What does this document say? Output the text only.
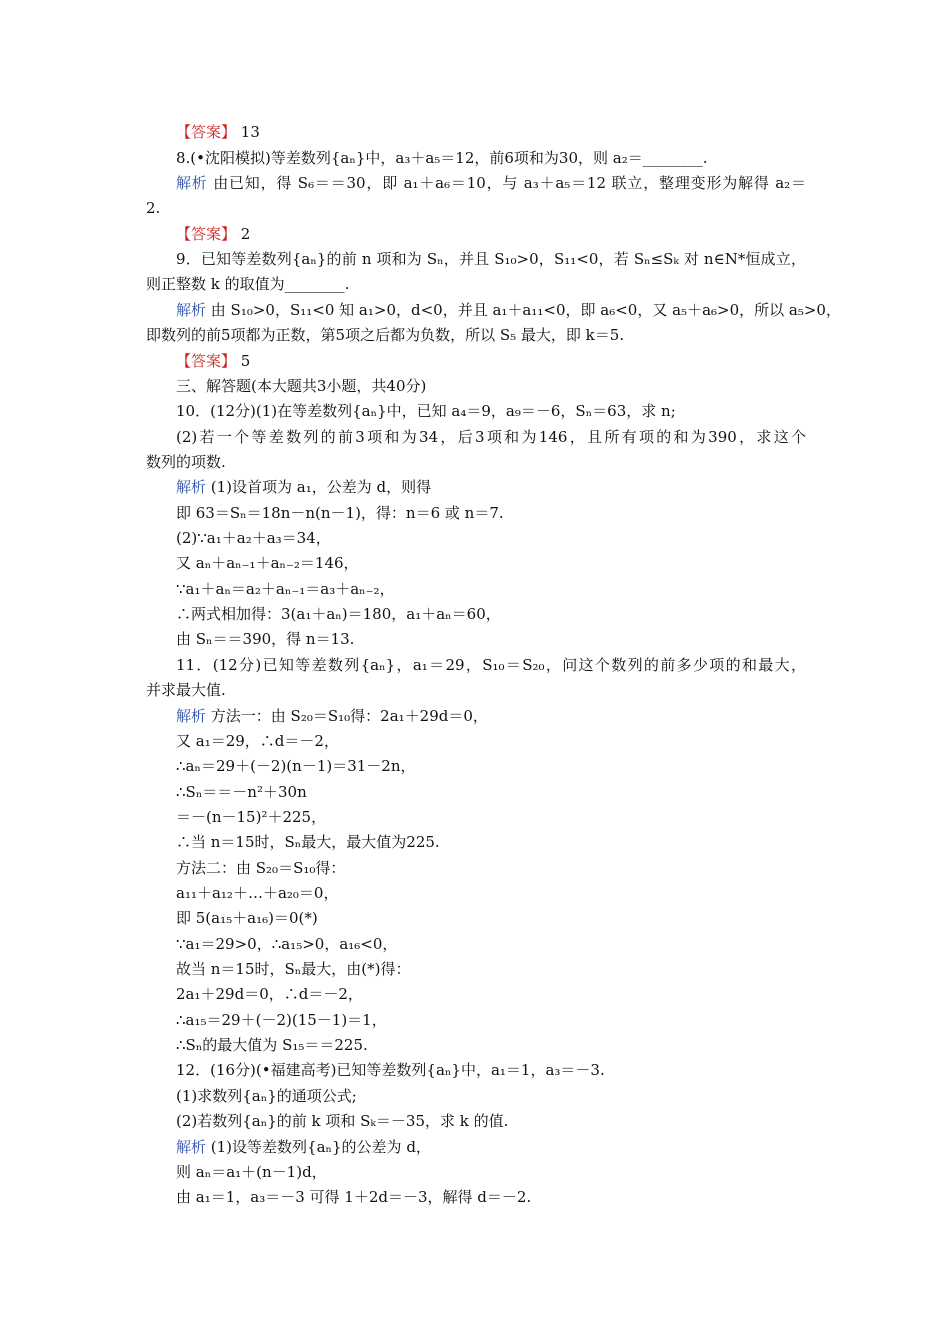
【答案】 13
8.(•沈阳模拟)等差数列{aₙ}中，a₃＋a₅＝12，前6项和为30，则 a₂＝________.
解析 由已知，得 S₆＝＝30，即 a₁＋a₆＝10，与 a₃＋a₅＝12 联立，整理变形为解得 a₂＝
2.
【答案】 2
9．已知等差数列{aₙ}的前 n 项和为 Sₙ，并且 S₁₀>0，S₁₁<0，若 Sₙ≤Sₖ 对 n∈N*恒成立，
则正整数 k 的取值为________.
解析 由 S₁₀>0，S₁₁<0 知 a₁>0，d<0，并且 a₁＋a₁₁<0，即 a₆<0，又 a₅＋a₆>0，所以 a₅>0，
即数列的前5项都为正数，第5项之后都为负数，所以 S₅ 最大，即 k＝5.
【答案】 5
三、解答题(本大题共3小题，共40分)
10．(12分)(1)在等差数列{aₙ}中，已知 a₄＝9，a₉＝－6，Sₙ＝63，求 n;
(2)若一个等差数列的前3项和为34，后3项和为146，且所有项的和为390，求这个
数列的项数.
解析 (1)设首项为 a₁，公差为 d，则得
即 63＝Sₙ＝18n－n(n－1)，得：n＝6 或 n＝7.
(2)∵a₁＋a₂＋a₃＝34，
又 aₙ＋aₙ₋₁＋aₙ₋₂＝146，
∵a₁＋aₙ＝a₂＋aₙ₋₁＝a₃＋aₙ₋₂，
∴两式相加得：3(a₁＋aₙ)＝180，a₁＋aₙ＝60，
由 Sₙ＝＝390，得 n＝13.
11．(12分)已知等差数列{aₙ}，a₁＝29，S₁₀＝S₂₀，问这个数列的前多少项的和最大，
并求最大值.
解析 方法一：由 S₂₀＝S₁₀得：2a₁＋29d＝0，
又 a₁＝29，∴d＝－2，
∴aₙ＝29＋(－2)(n－1)＝31－2n，
∴Sₙ＝＝－n²＋30n
＝－(n－15)²＋225，
∴当 n＝15时，Sₙ最大，最大值为225.
方法二：由 S₂₀＝S₁₀得：
a₁₁＋a₁₂＋…＋a₂₀＝0，
即 5(a₁₅＋a₁₆)＝0(*)
∵a₁＝29>0，∴a₁₅>0，a₁₆<0，
故当 n＝15时，Sₙ最大，由(*)得：
2a₁＋29d＝0，∴d＝－2，
∴a₁₅＝29＋(－2)(15－1)＝1，
∴Sₙ的最大值为 S₁₅＝＝225.
12．(16分)(•福建高考)已知等差数列{aₙ}中，a₁＝1，a₃＝－3.
(1)求数列{aₙ}的通项公式;
(2)若数列{aₙ}的前 k 项和 Sₖ＝－35，求 k 的值.
解析 (1)设等差数列{aₙ}的公差为 d，
则 aₙ＝a₁＋(n－1)d，
由 a₁＝1，a₃＝－3 可得 1＋2d＝－3，解得 d＝－2.
